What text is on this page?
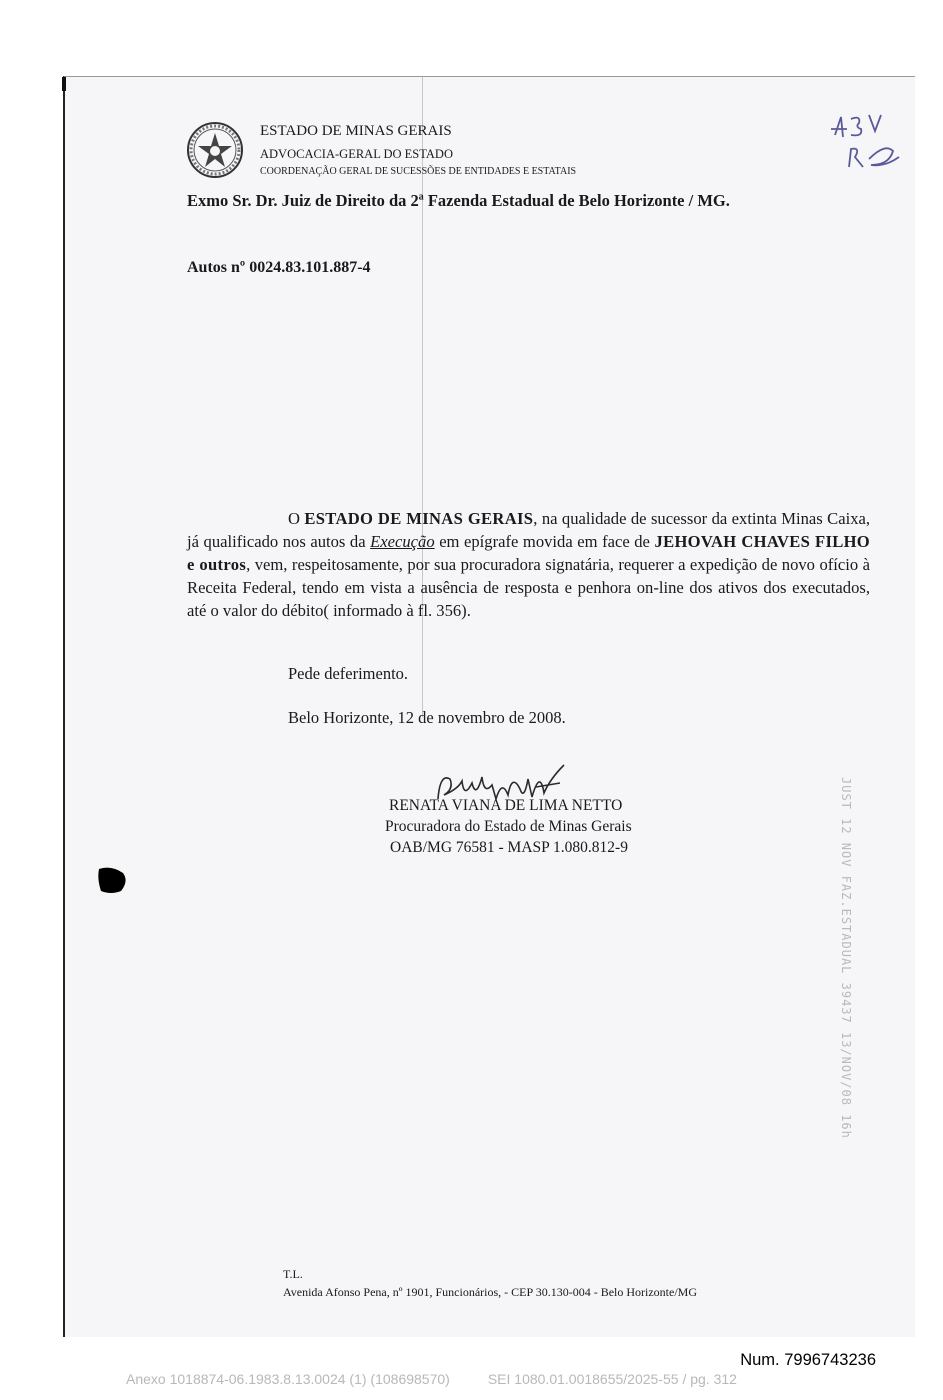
ESTADO DE MINAS GERAIS
ADVOCACIA-GERAL DO ESTADO
COORDENAÇÃO GERAL DE SUCESSÕES DE ENTIDADES E ESTATAIS
Exmo Sr. Dr. Juiz de Direito da 2ª Fazenda Estadual de Belo Horizonte / MG.
Autos nº 0024.83.101.887-4

O ESTADO DE MINAS GERAIS, na qualidade de sucessor da extinta Minas Caixa, já qualificado nos autos da Execução em epígrafe movida em face de JEHOVAH CHAVES FILHO e outros, vem, respeitosamente, por sua procuradora signatária, requerer a expedição de novo ofício à Receita Federal, tendo em vista a ausência de resposta e penhora on-line dos ativos dos executados, até o valor do débito( informado à fl. 356).

Pede deferimento.
Belo Horizonte, 12 de novembro de 2008.
RENATA VIANA DE LIMA NETTO
Procuradora do Estado de Minas Gerais
OAB/MG 76581 - MASP 1.080.812-9	JUST 12 NOV FAZ.ESTADUAL 39437 13/NOV/08 16h
T.L.
Avenida Afonso Pena, nº 1901, Funcionários, - CEP 30.130-004 - Belo Horizonte/MG
Num. 7996743236
Anexo 1018874-06.1983.8.13.0024 (1) (108698570)	SEI 1080.01.0018655/2025-55 / pg. 312
